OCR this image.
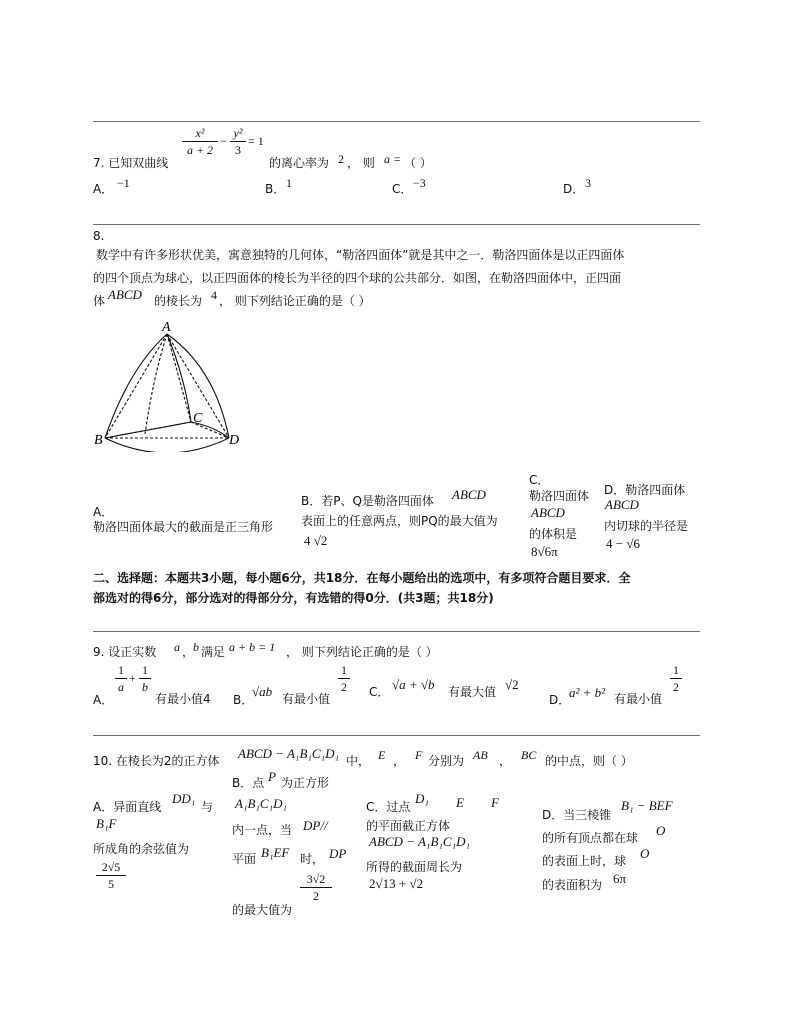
7. 已知双曲线
x²
a + 2
−
y²
3
= 1
的离心率为 2 ， 则 a = （ ）
A． −1	B． 1	C． −3	D． 3
8.
数学中有许多形状优美，寓意独特的几何体，“勒洛四面体”就是其中之一．勒洛四面体是以正四面体
的四个顶点为球心，以正四面体的棱长为半径的四个球的公共部分．如图，在勒洛四面体中，正四面
体 ABCD 的棱长为 4 ， 则下列结论正确的是（ ）
A
B
C
D
A．
勒洛四面体最大的截面是正三角形
B．若P、Q是勒洛四面体 ABCD
表面上的任意两点，则PQ的最大值为
4 √2
C．
勒洛四面体
ABCD
的体积是
8√6π
D．勒洛四面体
ABCD
内切球的半径是
4 − √6
二、选择题：本题共3小题，每小题6分，共18分．在每小题给出的选项中，有多项符合题目要求．全
部选对的得6分，部分选对的得部分分，有选错的得0分．(共3题；共18分)
9. 设正实数 a ，
b 满足 a + b = 1 ， 则下列结论正确的是（ ）
A．
1
a
+
1
b
有最小值4 B．
√ab 有最小值
1
2 C． √a + √b 有最大值 √2
D．
a² + b² 有最小值
1
2
10. 在棱长为2的正方体 ABCD − A₁B₁C₁D₁ 中， E ， F 分别为 AB ， BC 的中点，则（ ）
A．异面直线
DD₁
与
B₁F
所成角的余弦值为
2√5
5
B．点 P 为正方形
A₁B₁C₁D₁
内一点，当 DP//
平面 B₁EF 时， DP
的最大值为
3√2
2
C．过点
D₁ E F
的平面截正方体
ABCD − A₁B₁C₁D₁
所得的截面周长为
2√13 + √2
D．当三棱锥
B₁ − BEF
的所有顶点都在球 O
的表面上时，球 O
的表面积为 6π
